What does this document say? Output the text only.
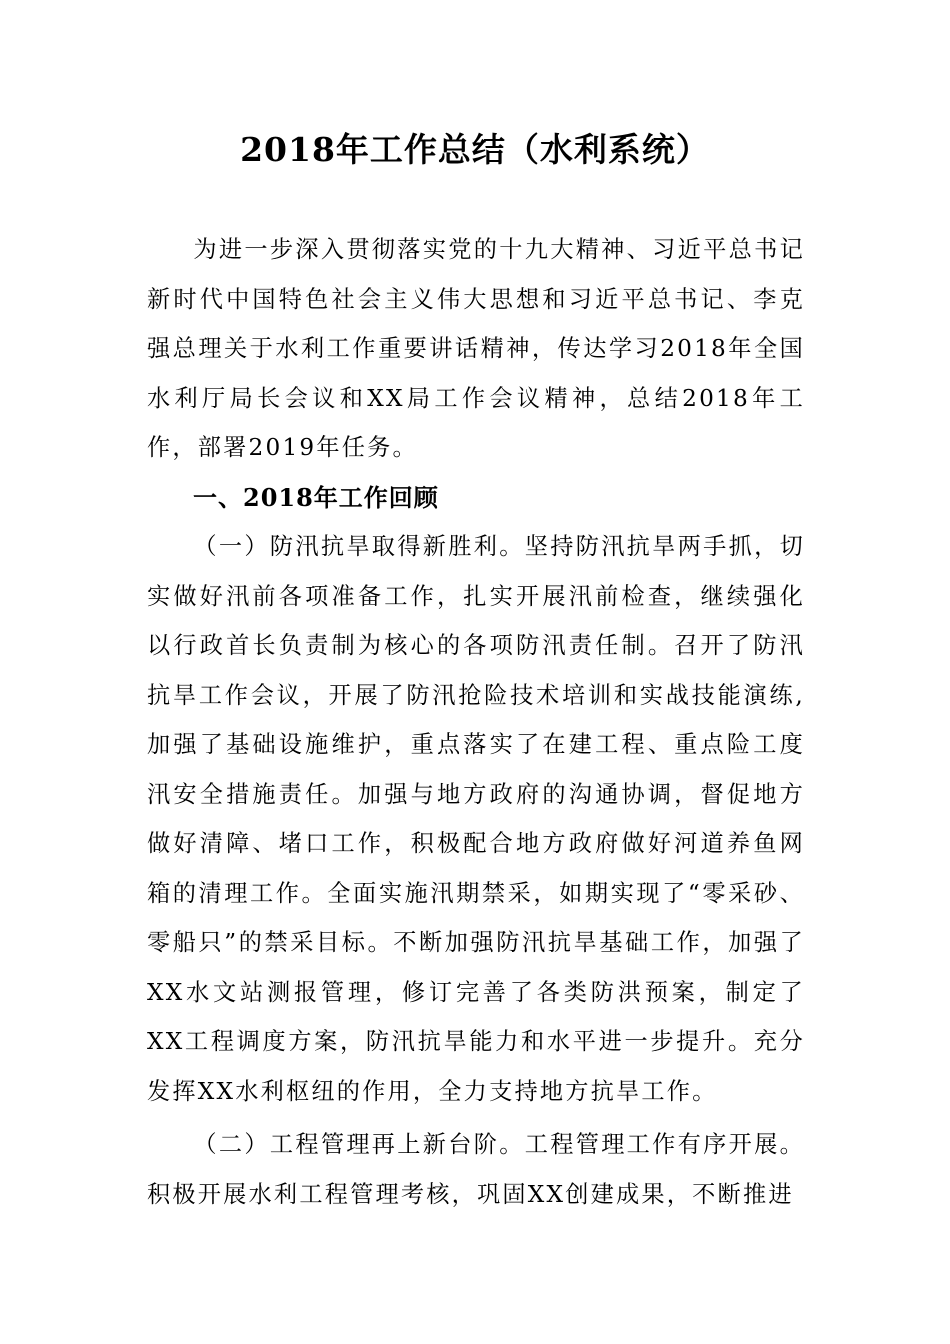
2018年工作总结（水利系统）
为进一步深入贯彻落实党的十九大精神、习近平总书记新时代中国特色社会主义伟大思想和习近平总书记、李克强总理关于水利工作重要讲话精神，传达学习2018年全国水利厅局长会议和XX局工作会议精神，总结2018年工作，部署2019年任务。
一、2018年工作回顾
（一）防汛抗旱取得新胜利。坚持防汛抗旱两手抓，切实做好汛前各项准备工作，扎实开展汛前检查，继续强化以行政首长负责制为核心的各项防汛责任制。召开了防汛抗旱工作会议，开展了防汛抢险技术培训和实战技能演练,加强了基础设施维护，重点落实了在建工程、重点险工度汛安全措施责任。加强与地方政府的沟通协调，督促地方做好清障、堵口工作，积极配合地方政府做好河道养鱼网箱的清理工作。全面实施汛期禁采，如期实现了“零采砂、零船只”的禁采目标。不断加强防汛抗旱基础工作，加强了XX水文站测报管理，修订完善了各类防洪预案，制定了XX工程调度方案，防汛抗旱能力和水平进一步提升。充分发挥XX水利枢纽的作用，全力支持地方抗旱工作。
（二）工程管理再上新台阶。工程管理工作有序开展。积极开展水利工程管理考核，巩固XX创建成果，不断推进
